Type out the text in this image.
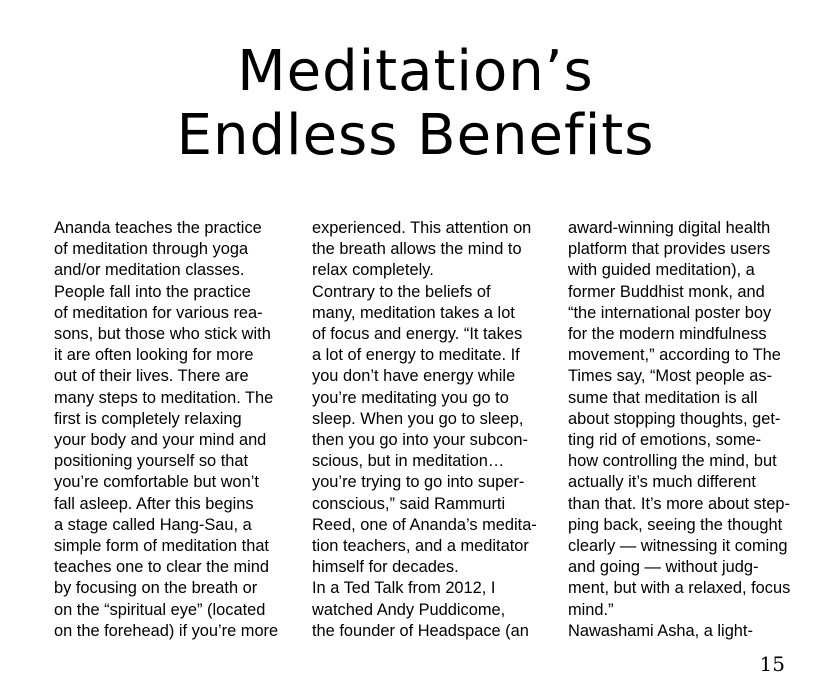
Meditation’s
Endless Benefits

Ananda teaches the practice

of meditation through yoga

and/or meditation classes.

People fall into the practice

of meditation for various rea-

sons, but those who stick with

it are often looking for more

out of their lives. There are

many steps to meditation. The

first is completely relaxing

your body and your mind and

positioning yourself so that

you’re comfortable but won’t

fall asleep. After this begins

a stage called Hang-Sau, a

simple form of meditation that

teaches one to clear the mind

by focusing on the breath or

on the “spiritual eye” (located

on the forehead) if you’re more

experienced. This attention on

the breath allows the mind to

relax completely.

Contrary to the beliefs of

many, meditation takes a lot

of focus and energy. “It takes

a lot of energy to meditate. If

you don’t have energy while

you’re meditating you go to

sleep. When you go to sleep,

then you go into your subcon-

scious, but in meditation…

you’re trying to go into super-

conscious,” said Rammurti

Reed, one of Ananda’s medita-

tion teachers, and a meditator

himself for decades.

In a Ted Talk from 2012, I

watched Andy Puddicome,

the founder of Headspace (an

award-winning digital health

platform that provides users

with guided meditation), a

former Buddhist monk, and

“the international poster boy

for the modern mindfulness

movement,” according to The

Times say, “Most people as-

sume that meditation is all

about stopping thoughts, get-

ting rid of emotions, some-

how controlling the mind, but

actually it’s much different

than that. It’s more about step-

ping back, seeing the thought

clearly — witnessing it coming

and going — without judg-

ment, but with a relaxed, focus

mind.”

Nawashami Asha, a light-

15
